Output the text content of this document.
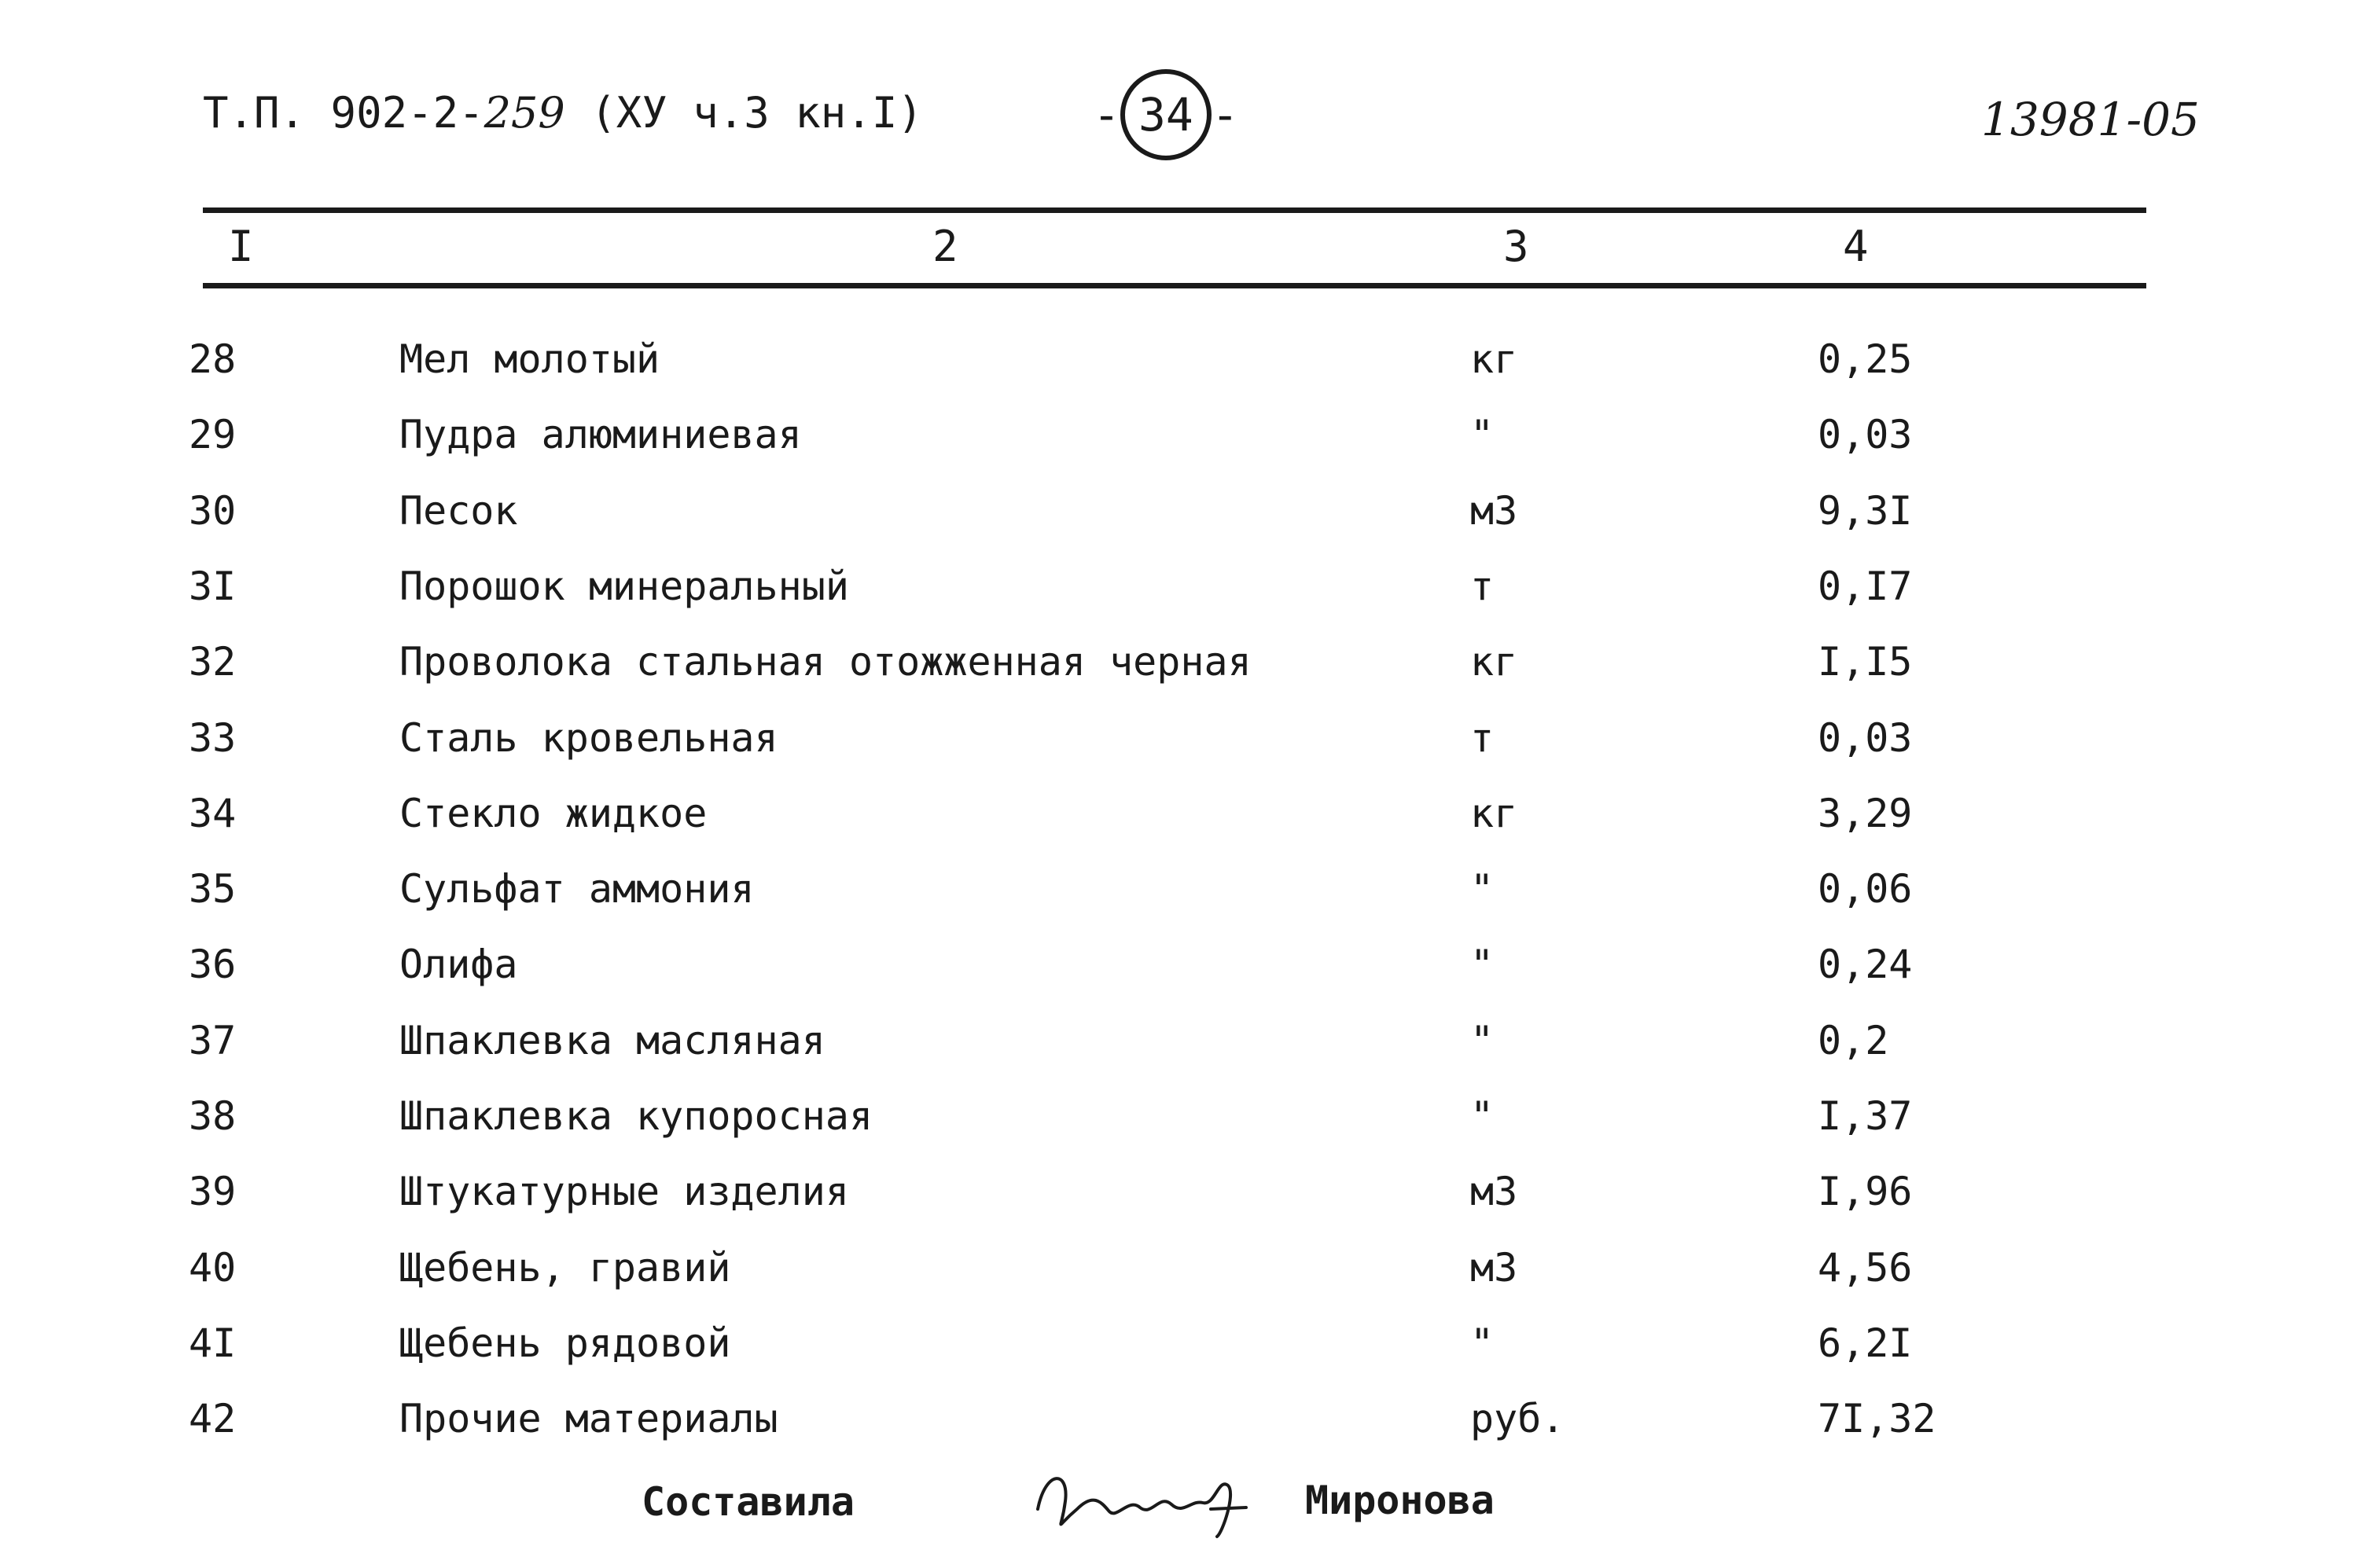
Т.П. 902-2-259 (ХУ ч.3 кн.I)	- 34 -	13981-05
I	2	3	4
28	Мел молотый	кг	0,25
29	Пудра алюминиевая	"	0,03
30	Песок	м3	9,3I
3I	Порошок минеральный	т	0,I7
32	Проволока стальная отожженная черная	кг	I,I5
33	Сталь кровельная	т	0,03
34	Стекло жидкое	кг	3,29
35	Сульфат аммония	"	0,06
36	Олифа	"	0,24
37	Шпаклевка масляная	"	0,2
38	Шпаклевка купоросная	"	I,37
39	Штукатурные изделия	м3	I,96
40	Щебень, гравий	м3	4,56
4I	Щебень рядовой	"	6,2I
42	Прочие материалы	руб.	7I,32
Составила	Миронова
